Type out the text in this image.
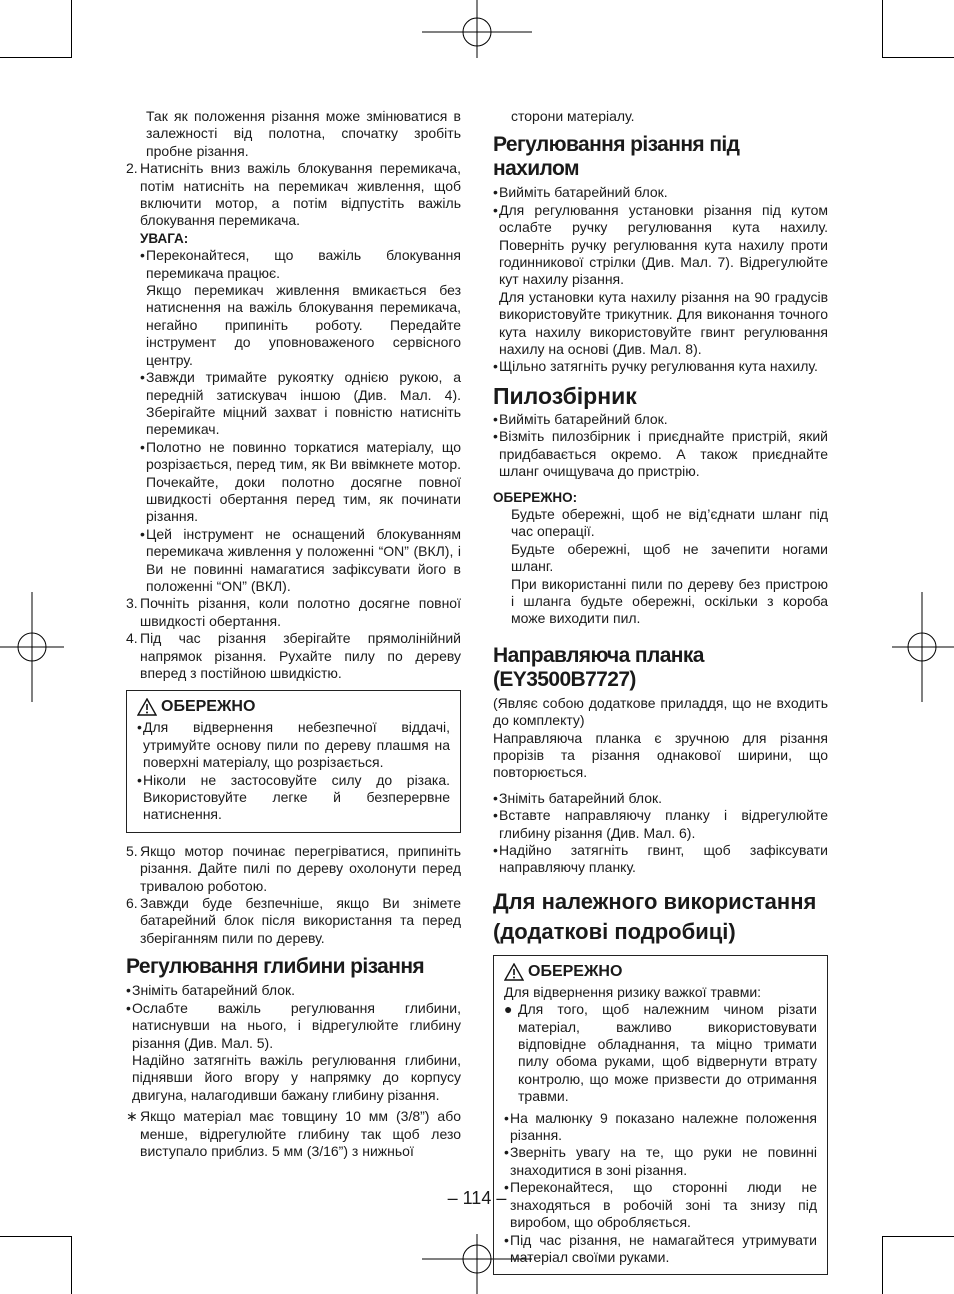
Так як положення різання може змінюватися в залежності від полотна, спочатку зробіть пробне різання.

2. Натисніть вниз важіль блокування перемикача, потім натисніть на перемикач живлення, щоб включити мотор, а потім відпустіть важіль блокування перемикача.

УВАГА:
• Переконайтеся, що важіль блокування перемикача працює.

Якщо перемикач живлення вмикається без натиснення на важіль блокування перемикача, негайно припиніть роботу. Передайте інструмент до уповноваженого сервісного центру.

• Завжди тримайте рукоятку однією рукою, а передній затискувач іншою (Див. Мал. 4). Зберігайте міцний захват і повністю натисніть перемикач.

• Полотно не повинно торкатися матеріалу, що розрізається, перед тим, як Ви ввімкнете мотор. Почекайте, доки полотно досягне повної швидкості обертання перед тим, як починати різання.

• Цей інструмент не оснащений блокуванням перемикача живлення у положенні “ON” (ВКЛ), і Ви не повинні намагатися зафіксувати його в положенні “ON” (ВКЛ).

3. Почніть різання, коли полотно досягне повної швидкості обертання.

4. Під час різання зберігайте прямолінійний напрямок різання. Рухайте пилу по дереву вперед з постійною швидкістю.

ОБЕРЕЖНО
• Для відвернення небезпечної віддачі, утримуйте основу пили по дереву плашмя на поверхні матеріалу, що розрізається.

• Ніколи не застосовуйте силу до різака. Використовуйте легке й безперервне натиснення.

5. Якщо мотор починає перегріватися, припиніть різання. Дайте пилі по дереву охолонути перед тривалою роботою.

6. Завжди буде безпечніше, якщо Ви знімете батарейний блок після використання та перед зберіганням пили по дереву.

Регулювання глибини різання
• Зніміть батарейний блок.

• Ослабте важіль регулювання глибини, натиснувши на нього, і відрегулюйте глибину різання (Див. Мал. 5).

Надійно затягніть важіль регулювання глибини, піднявши його вгору у напрямку до корпусу двигуна, налагодивши бажану глибину різання.

∗ Якщо матеріал має товщину 10 мм (3/8”) або менше, відрегулюйте глибину так щоб лезо виступало приблиз. 5 мм (3/16”) з нижньої

сторони матеріалу.

Регулювання різання під нахилом
• Вийміть батарейний блок.

• Для регулювання установки різання під кутом ослабте ручку регулювання кута нахилу. Поверніть ручку регулювання кута нахилу проти годинникової стрілки (Див. Мал. 7). Відрегулюйте кут нахилу різання.

Для установки кута нахилу різання на 90 градусів використовуйте трикутник. Для виконання точного кута нахилу використовуйте гвинт регулювання нахилу на основі (Див. Мал. 8).

• Щільно затягніть ручку регулювання кута нахилу.

Пилозбірник
• Вийміть батарейний блок.

• Візміть пилозбірник і приєднайте пристрій, який придбавається окремо. А також приєднайте шланг очищувача до пристрію.

ОБЕРЕЖНО:

Будьте обережні, щоб не від’єднати шланг під час операції.

Будьте обережні, щоб не зачепити ногами шланг.

При використанні пили по дереву без пристрою і шланга будьте обережні, оскільки з короба може виходити пил.

Направляюча планка (EY3500B7727)

(Являє собою додаткове приладдя, що не входить до комплекту)

Направляюча планка є зручною для різання прорізів та різання однакової ширини, що повторюється.

• Зніміть батарейний блок.

• Вставте направляючу планку і відрегулюйте глибину різання (Див. Мал. 6).

• Надійно затягніть гвинт, щоб зафіксувати направляючу планку.

Для належного використання
(додаткові подробиці)
ОБЕРЕЖНО

Для відвернення ризику важкої травми:

● Для того, щоб належним чином різати матеріал, важливо використовувати відповідне обладнання, та міцно тримати пилу обома руками, щоб відвернути втрату контролю, що може призвести до отримання травми.

• На малюнку 9 показано належне положення різання.

• Зверніть увагу на те, що руки не повинні знаходитися в зоні різання.

• Переконайтеся, що сторонні люди не знаходяться в робочій зоні та знизу під виробом, що обробляється.

• Під час різання, не намагайтеся утримувати матеріал своїми руками.

– 114 –
